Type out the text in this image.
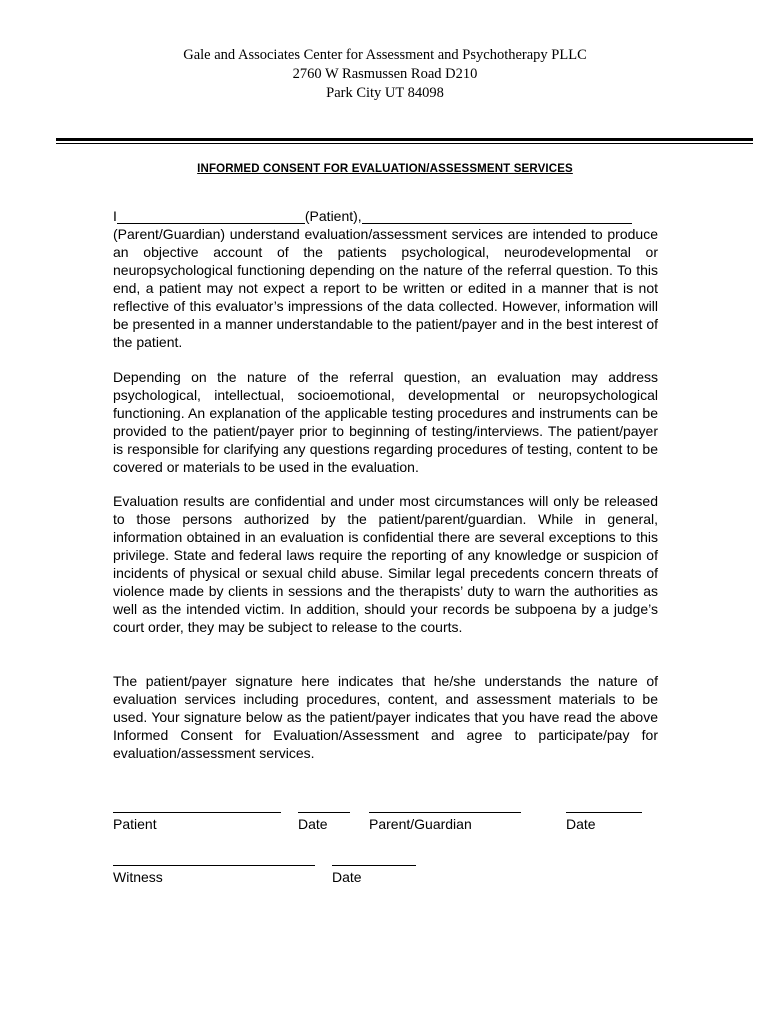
Gale and Associates Center for Assessment and Psychotherapy PLLC
2760 W Rasmussen Road D210
Park City UT 84098
INFORMED CONSENT FOR EVALUATION/ASSESSMENT SERVICES
I	(Patient),
(Parent/Guardian) understand evaluation/assessment services are intended to produce an objective account of the patients psychological, neurodevelopmental or neuropsychological functioning depending on the nature of the referral question. To this end, a patient may not expect a report to be written or edited in a manner that is not reflective of this evaluator’s impressions of the data collected. However, information will be presented in a manner understandable to the patient/payer and in the best interest of the patient.
Depending on the nature of the referral question, an evaluation may address psychological, intellectual, socioemotional, developmental or neuropsychological functioning. An explanation of the applicable testing procedures and instruments can be provided to the patient/payer prior to beginning of testing/interviews. The patient/payer is responsible for clarifying any questions regarding procedures of testing, content to be covered or materials to be used in the evaluation.
Evaluation results are confidential and under most circumstances will only be released to those persons authorized by the patient/parent/guardian. While in general, information obtained in an evaluation is confidential there are several exceptions to this privilege. State and federal laws require the reporting of any knowledge or suspicion of incidents of physical or sexual child abuse. Similar legal precedents concern threats of violence made by clients in sessions and the therapists’ duty to warn the authorities as well as the intended victim. In addition, should your records be subpoena by a judge’s court order, they may be subject to release to the courts.
The patient/payer signature here indicates that he/she understands the nature of evaluation services including procedures, content, and assessment materials to be used. Your signature below as the patient/payer indicates that you have read the above Informed Consent for Evaluation/Assessment and agree to participate/pay for evaluation/assessment services.
Patient	Date	Parent/Guardian	Date
Witness	Date
